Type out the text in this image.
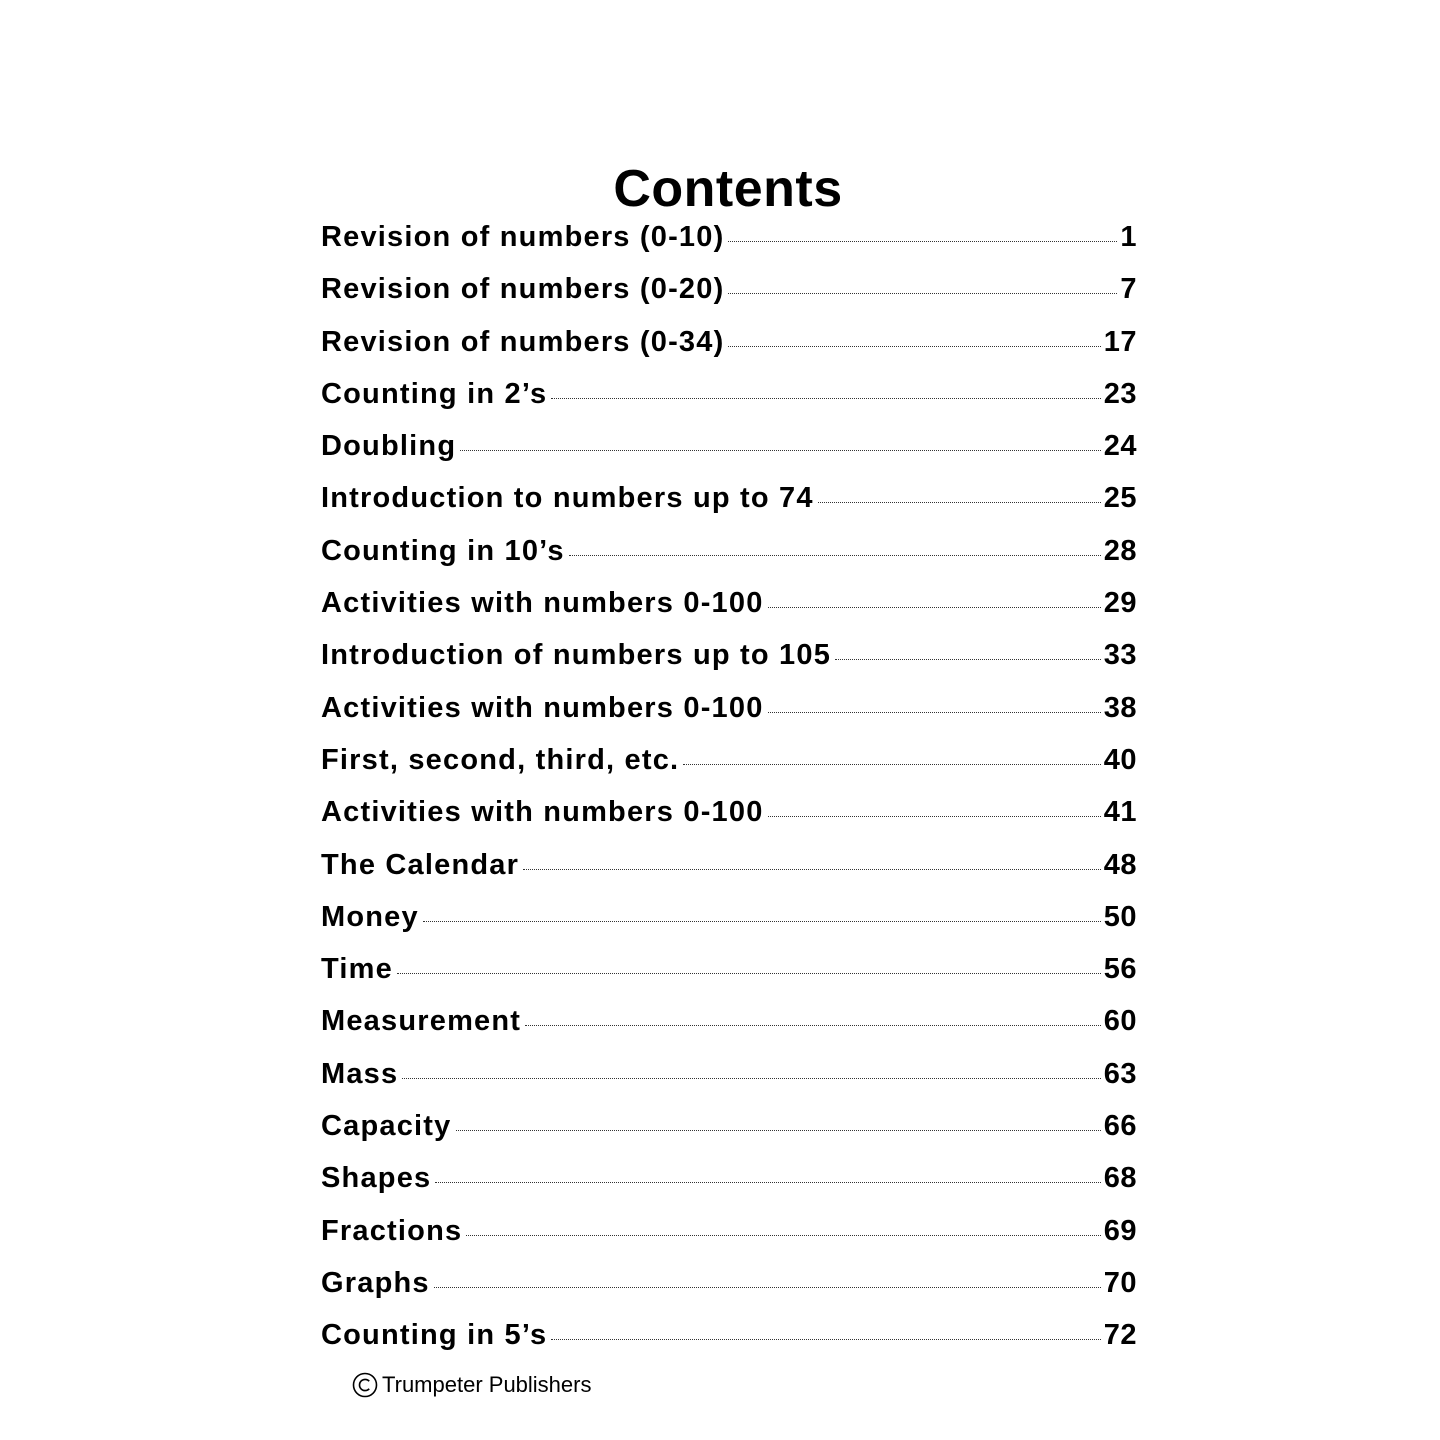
Contents
Revision of numbers (0-10)	1
Revision of numbers (0-20)	7
Revision of numbers (0-34)	17
Counting in 2’s	23
Doubling	24
Introduction to numbers up to 74	25
Counting in 10’s	28
Activities with numbers 0-100	29
Introduction of numbers up to 105	33
Activities with numbers 0-100	38
First, second, third, etc.	40
Activities with numbers 0-100	41
The Calendar	48
Money	50
Time	56
Measurement	60
Mass	63
Capacity	66
Shapes	68
Fractions	69
Graphs	70
Counting in 5’s	72
Trumpeter Publishers
